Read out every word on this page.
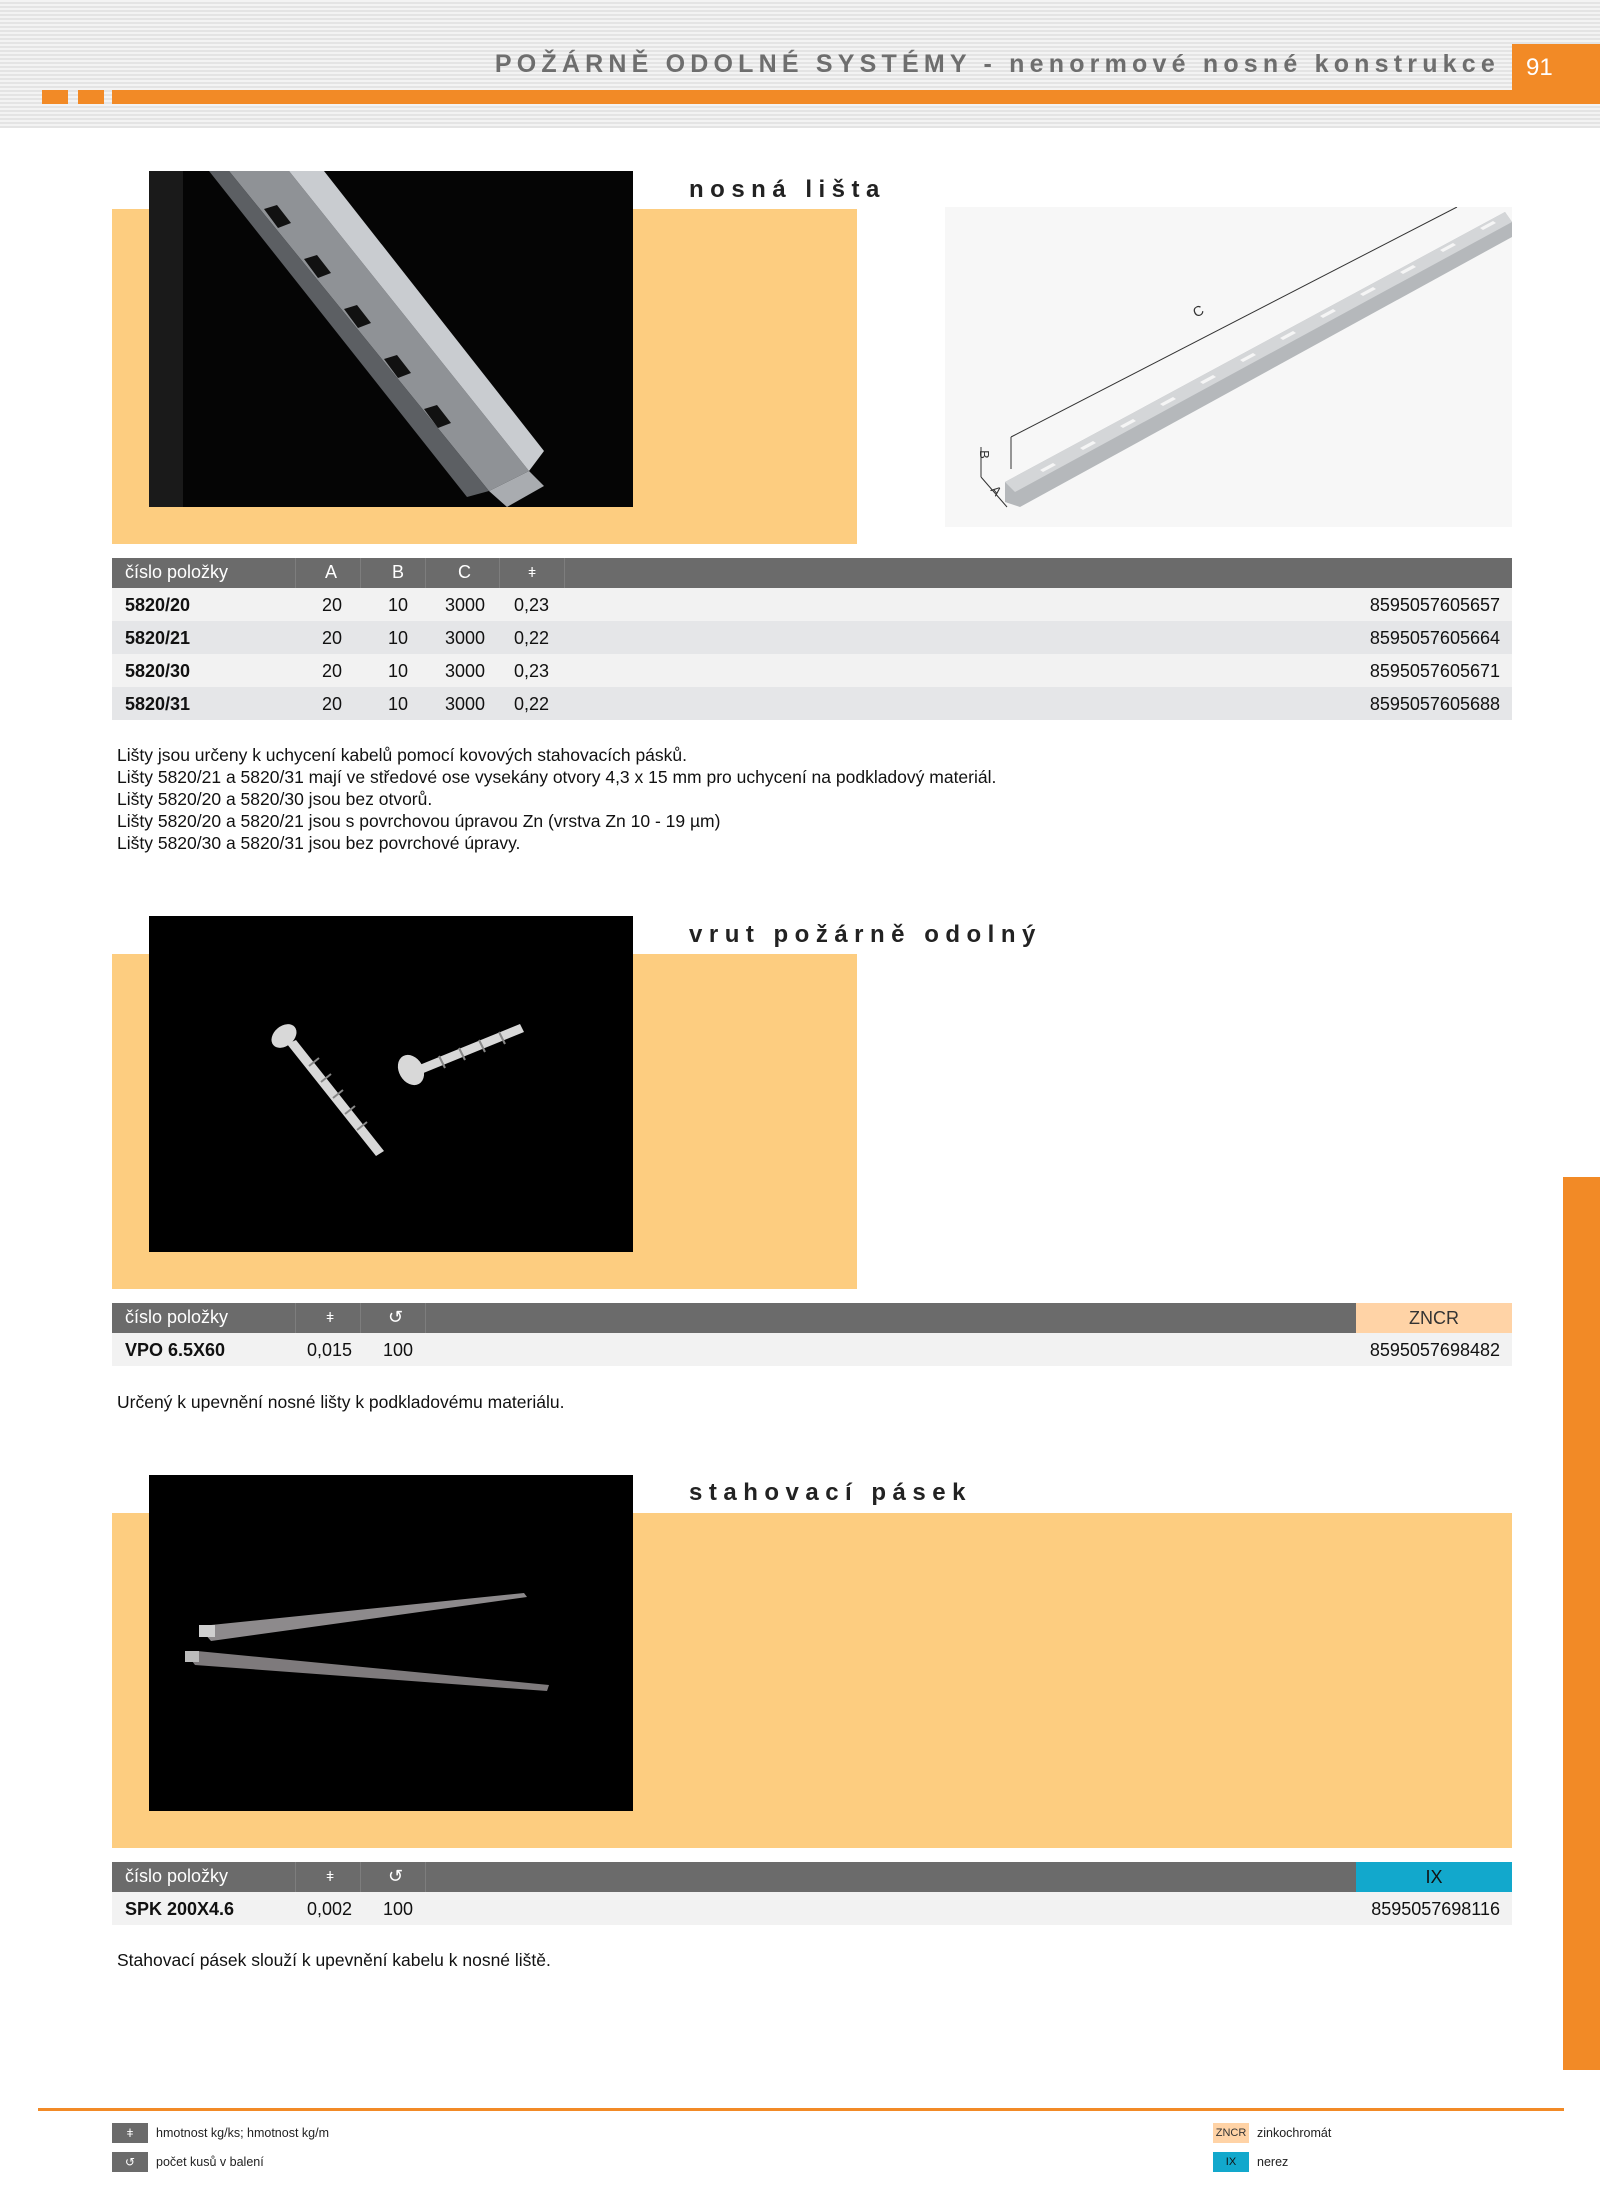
POŽÁRNĚ ODOLNÉ SYSTÉMY - nenormové nosné konstrukce	91
nosná lišta
C
B
A
číslo položky	A	B	C	ǂ
5820/20	20	10 3000 0,23	8595057605657
5820/21	20	10 3000 0,22	8595057605664
5820/30	20	10 3000 0,23	8595057605671
5820/31	20	10 3000 0,22	8595057605688
Lišty jsou určeny k uchycení kabelů pomocí kovových stahovacích pásků.
Lišty 5820/21 a 5820/31 mají ve středové ose vysekány otvory 4,3 x 15 mm pro uchycení na podkladový materiál.
Lišty 5820/20 a 5820/30 jsou bez otvorů.
Lišty 5820/20 a 5820/21 jsou s povrchovou úpravou Zn (vrstva Zn 10 - 19 µm)
Lišty 5820/30 a 5820/31 jsou bez povrchové úpravy.
vrut požárně odolný
číslo položky	ǂ	↺	ZNCR
VPO 6.5X60	0,015 100	8595057698482
Určený k upevnění nosné lišty k podkladovému materiálu.
stahovací pásek
číslo položky	ǂ	↺	IX
SPK 200X4.6	0,002 100	8595057698116
Stahovací pásek slouží k upevnění kabelu k nosné liště.
ǂ	hmotnost kg/ks; hmotnost kg/m
↺	počet kusů v balení
ZNCR zinkochromát
IX	nerez
